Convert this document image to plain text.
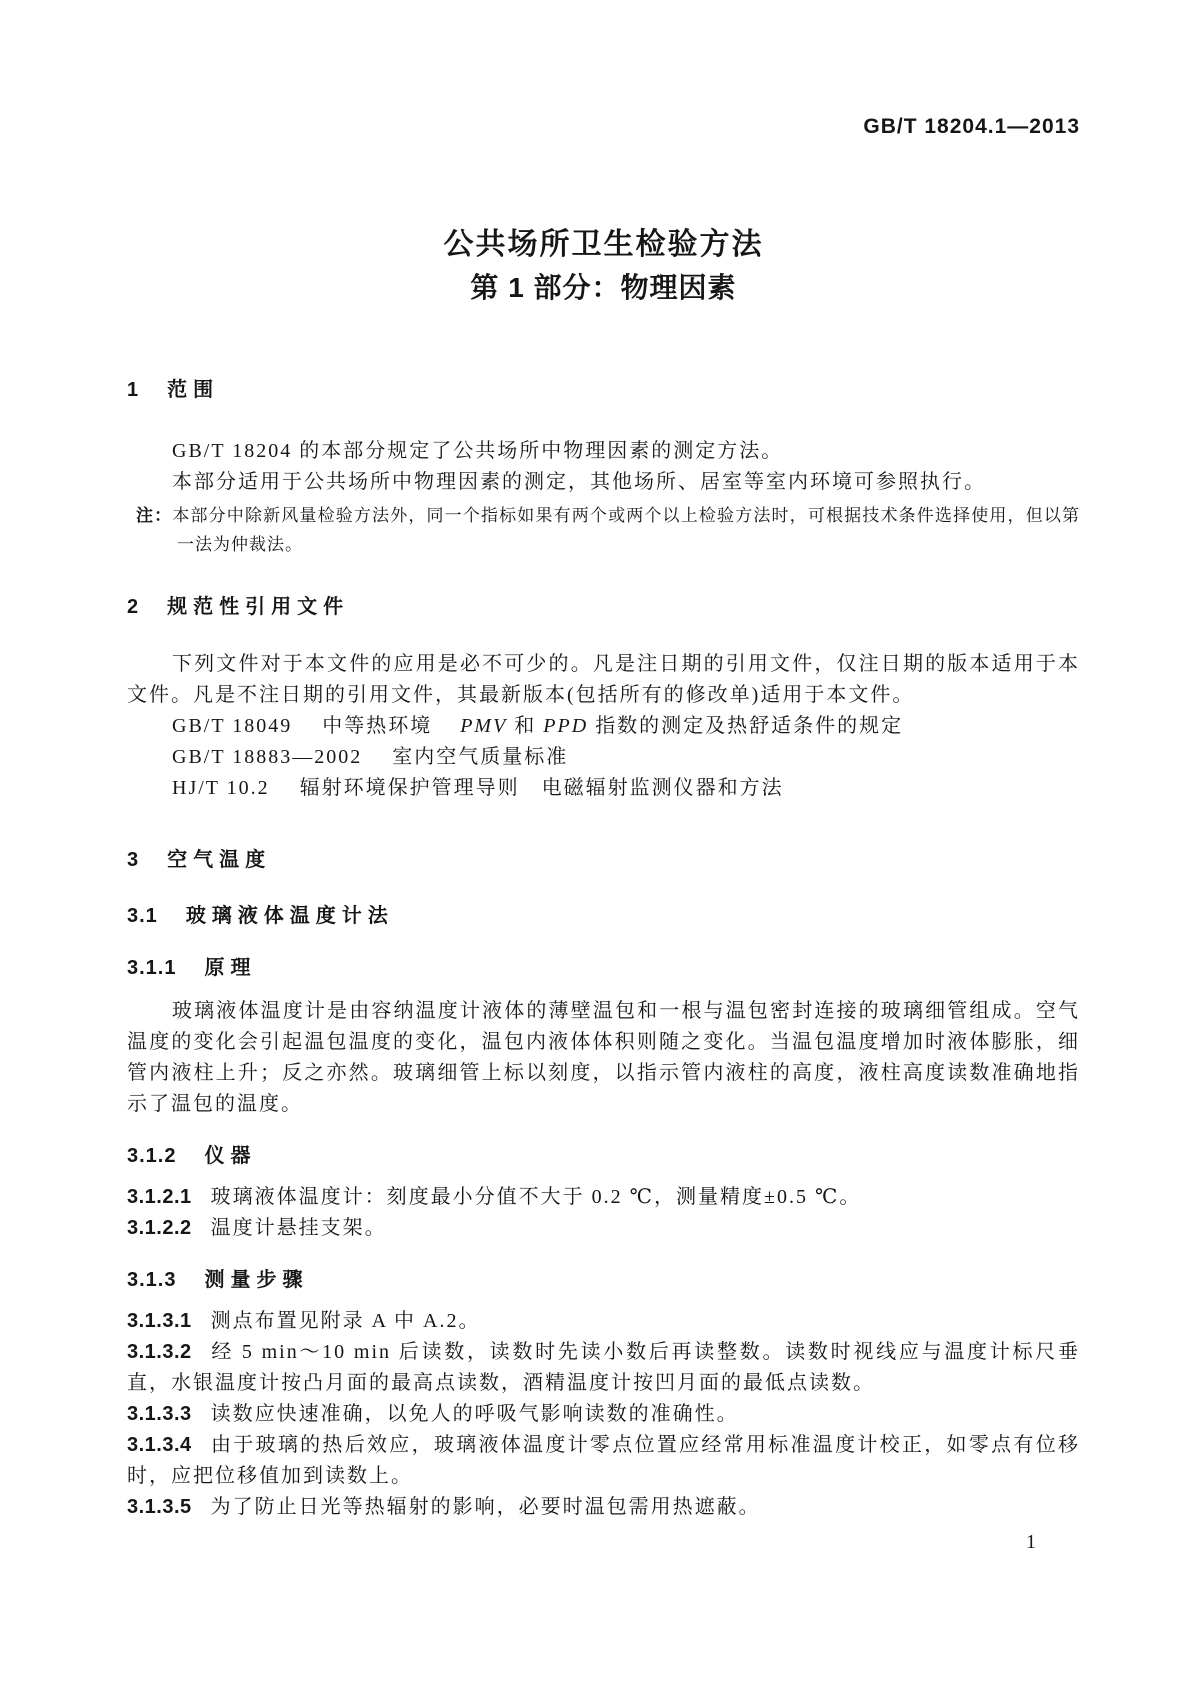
GB/T 18204.1—2013
公共场所卫生检验方法
第 1 部分：物理因素
1 范围

GB/T 18204 的本部分规定了公共场所中物理因素的测定方法。

本部分适用于公共场所中物理因素的测定，其他场所、居室等室内环境可参照执行。

注：本部分中除新风量检验方法外，同一个指标如果有两个或两个以上检验方法时，可根据技术条件选择使用，但以第一法为仲裁法。
2 规范性引用文件

下列文件对于本文件的应用是必不可少的。凡是注日期的引用文件，仅注日期的版本适用于本文件。凡是不注日期的引用文件，其最新版本(包括所有的修改单)适用于本文件。

GB/T 18049 中等热环境 PMV 和 PPD 指数的测定及热舒适条件的规定

GB/T 18883—2002 室内空气质量标准

HJ/T 10.2 辐射环境保护管理导则　电磁辐射监测仪器和方法

3 空气温度
3.1 玻璃液体温度计法
3.1.1 原理

玻璃液体温度计是由容纳温度计液体的薄壁温包和一根与温包密封连接的玻璃细管组成。空气温度的变化会引起温包温度的变化，温包内液体体积则随之变化。当温包温度增加时液体膨胀，细管内液柱上升；反之亦然。玻璃细管上标以刻度，以指示管内液柱的高度，液柱高度读数准确地指示了温包的温度。

3.1.2 仪器

3.1.2.1 玻璃液体温度计：刻度最小分值不大于 0.2 ℃，测量精度±0.5 ℃。

3.1.2.2 温度计悬挂支架。

3.1.3 测量步骤

3.1.3.1 测点布置见附录 A 中 A.2。

3.1.3.2 经 5 min～10 min 后读数，读数时先读小数后再读整数。读数时视线应与温度计标尺垂直，水银温度计按凸月面的最高点读数，酒精温度计按凹月面的最低点读数。

3.1.3.3 读数应快速准确，以免人的呼吸气影响读数的准确性。

3.1.3.4 由于玻璃的热后效应，玻璃液体温度计零点位置应经常用标准温度计校正，如零点有位移时，应把位移值加到读数上。

3.1.3.5 为了防止日光等热辐射的影响，必要时温包需用热遮蔽。

1
